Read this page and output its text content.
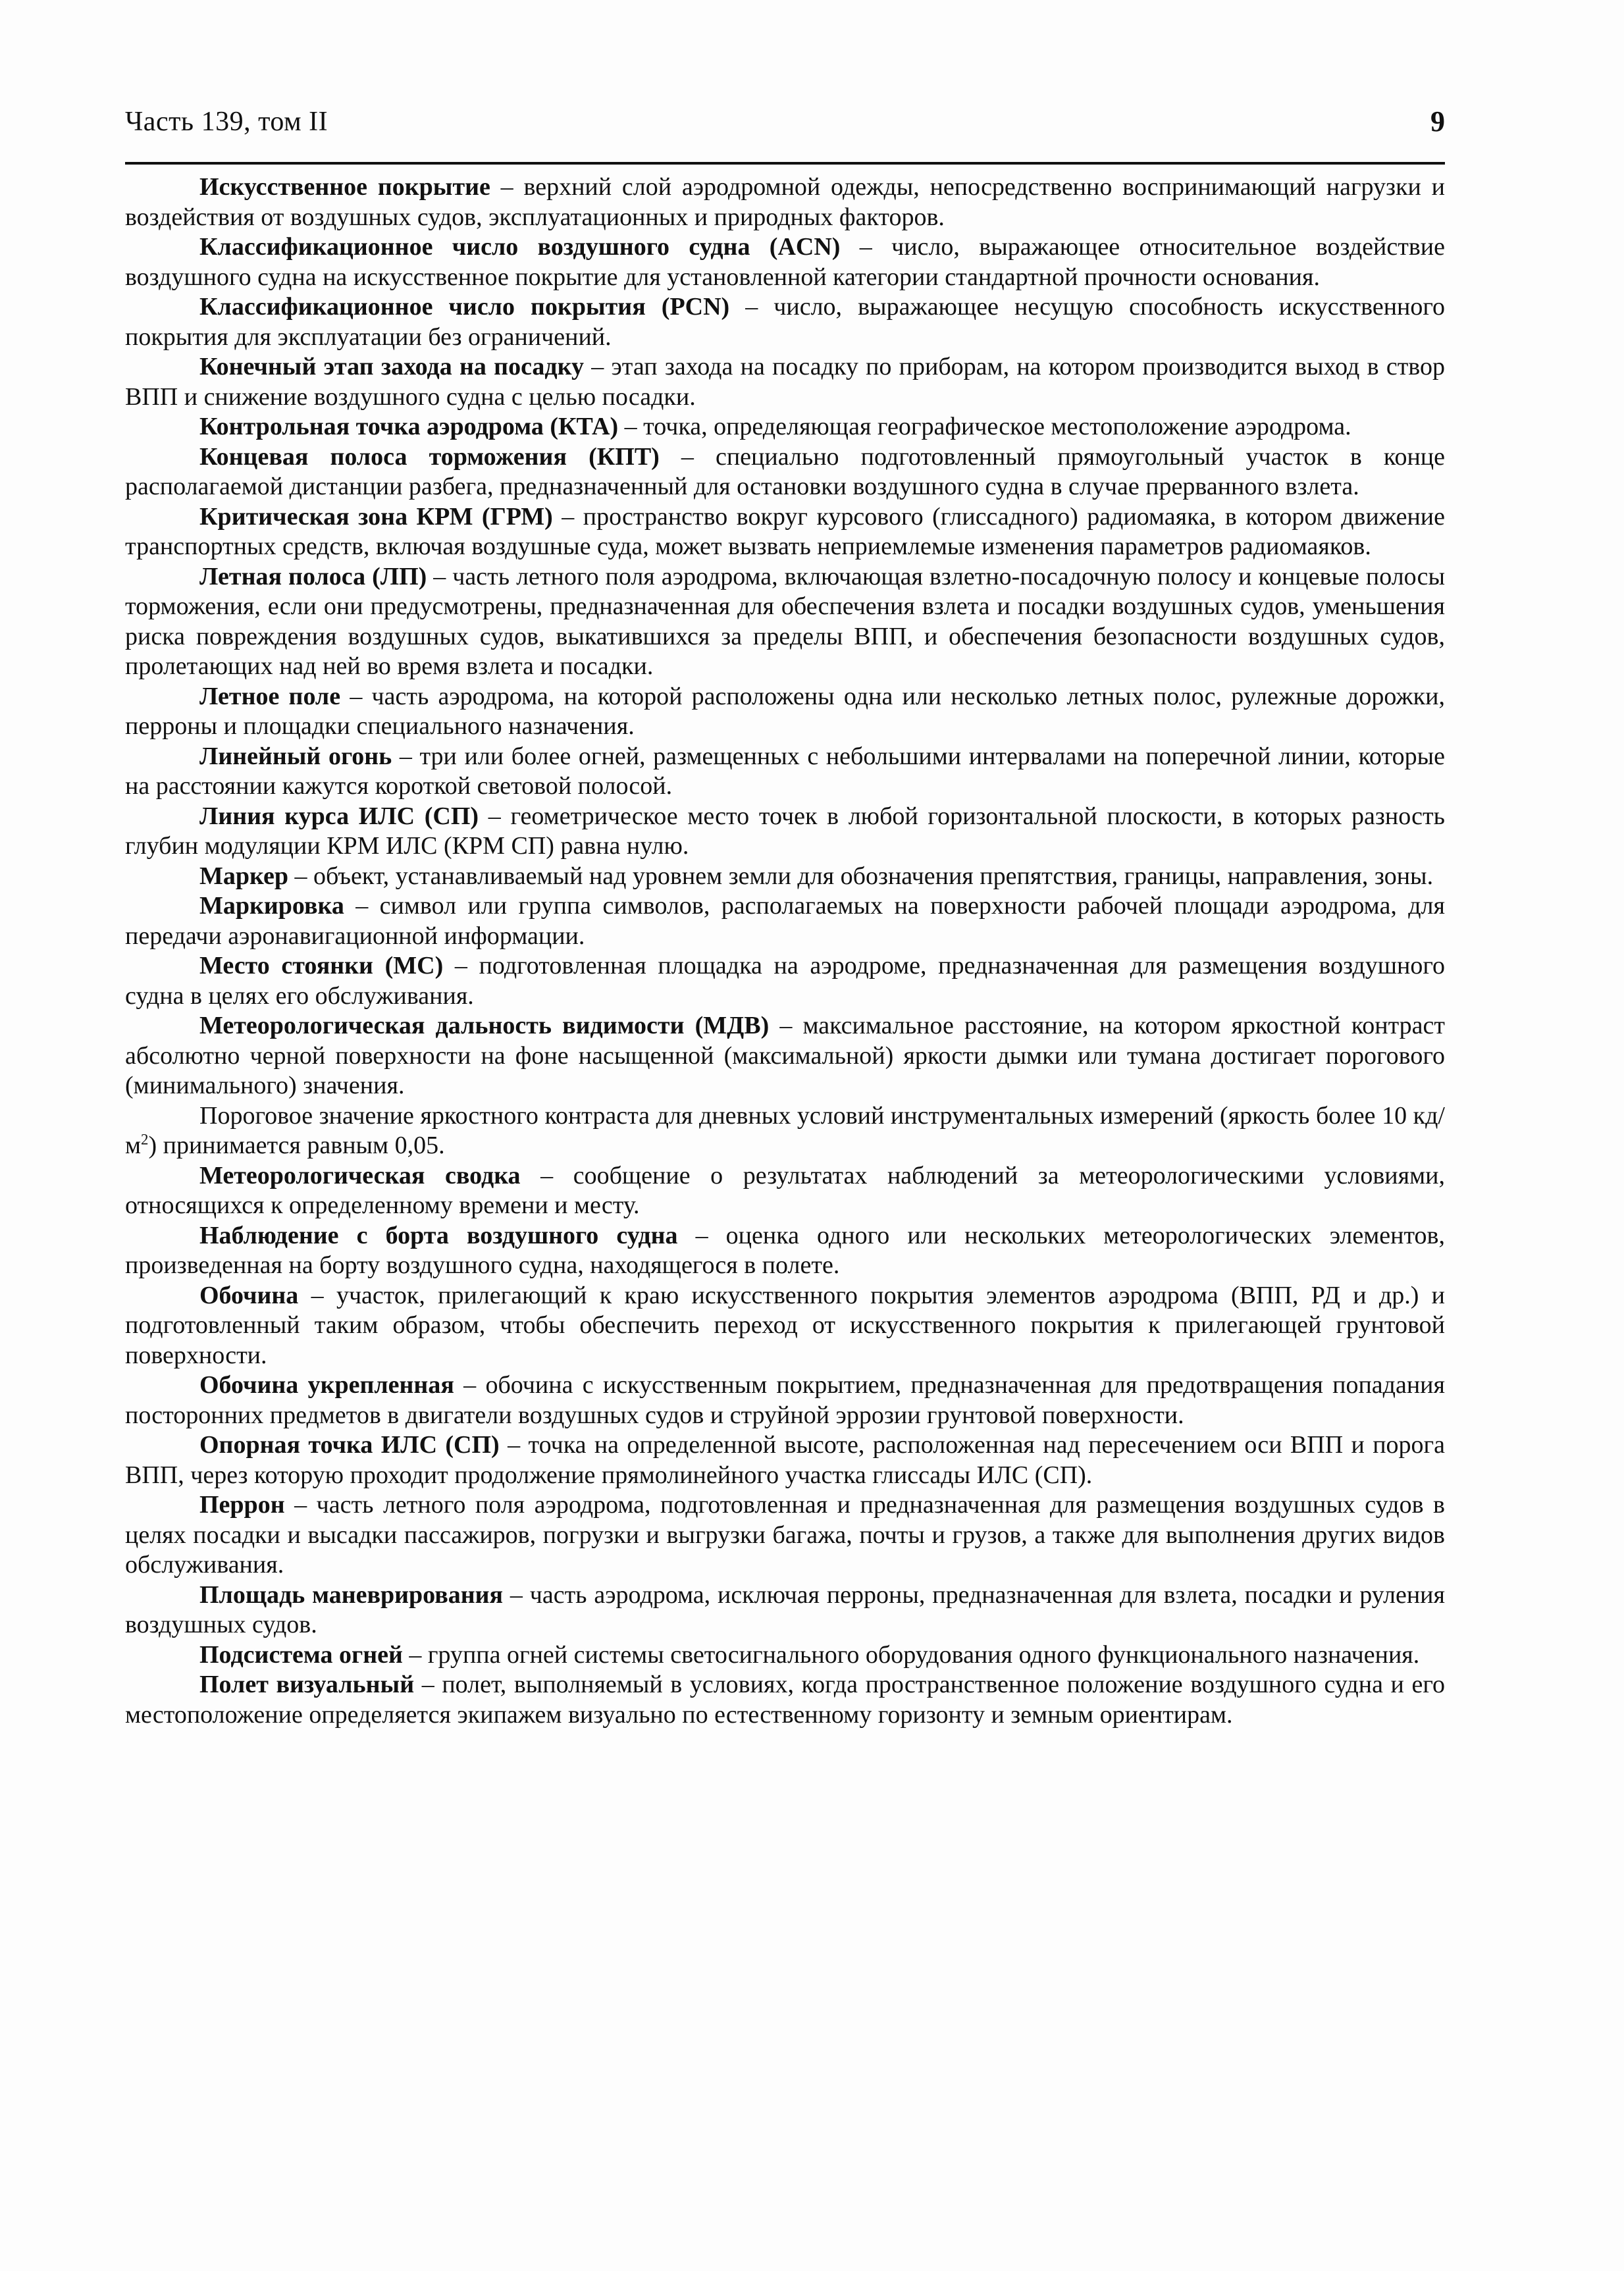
Часть 139, том II	9

Искусственное покрытие – верхний слой аэродромной одежды, непосредственно воспринимающий нагрузки и воздействия от воздушных судов, эксплуатационных и природных факторов.

Классификационное число воздушного судна (ACN) – число, выражающее относительное воздействие воздушного судна на искусственное покрытие для установленной категории стандартной прочности основания.

Классификационное число покрытия (PCN) – число, выражающее несущую способность искусственного покрытия для эксплуатации без ограничений.

Конечный этап захода на посадку – этап захода на посадку по приборам, на котором производится выход в створ ВПП и снижение воздушного судна с целью посадки.

Контрольная точка аэродрома (КТА) – точка, определяющая географическое местоположение аэродрома.

Концевая полоса торможения (КПТ) – специально подготовленный прямоугольный участок в конце располагаемой дистанции разбега, предназначенный для остановки воздушного судна в случае прерванного взлета.

Критическая зона КРМ (ГРМ) – пространство вокруг курсового (глиссадного) радиомаяка, в котором движение транспортных средств, включая воздушные суда, может вызвать неприемлемые изменения параметров радиомаяков.

Летная полоса (ЛП) – часть летного поля аэродрома, включающая взлетно-посадочную полосу и концевые полосы торможения, если они предусмотрены, предназначенная для обеспечения взлета и посадки воздушных судов, уменьшения риска повреждения воздушных судов, выкатившихся за пределы ВПП, и обеспечения безопасности воздушных судов, пролетающих над ней во время взлета и посадки.

Летное поле – часть аэродрома, на которой расположены одна или несколько летных полос, рулежные дорожки, перроны и площадки специального назначения.

Линейный огонь – три или более огней, размещенных с небольшими интервалами на поперечной линии, которые на расстоянии кажутся короткой световой полосой.

Линия курса ИЛС (СП) – геометрическое место точек в любой горизонтальной плоскости, в которых разность глубин модуляции КРМ ИЛС (КРМ СП) равна нулю.

Маркер – объект, устанавливаемый над уровнем земли для обозначения препятствия, границы, направления, зоны.

Маркировка – символ или группа символов, располагаемых на поверхности рабочей площади аэродрома, для передачи аэронавигационной информации.

Место стоянки (МС) – подготовленная площадка на аэродроме, предназначенная для размещения воздушного судна в целях его обслуживания.

Метеорологическая дальность видимости (МДВ) – максимальное расстояние, на котором яркостной контраст абсолютно черной поверхности на фоне насыщенной (максимальной) яркости дымки или тумана достигает порогового (минимального) значения.

Пороговое значение яркостного контраста для дневных условий инструментальных измерений (яркость более 10 $кд/м^2$) принимается равным 0,05.

Метеорологическая сводка – сообщение о результатах наблюдений за метеорологическими условиями, относящихся к определенному времени и месту.

Наблюдение с борта воздушного судна – оценка одного или нескольких метеорологических элементов, произведенная на борту воздушного судна, находящегося в полете.

Обочина – участок, прилегающий к краю искусственного покрытия элементов аэродрома (ВПП, РД и др.) и подготовленный таким образом, чтобы обеспечить переход от искусственного покрытия к прилегающей грунтовой поверхности.

Обочина укрепленная – обочина с искусственным покрытием, предназначенная для предотвращения попадания посторонних предметов в двигатели воздушных судов и струйной эррозии грунтовой поверхности.

Опорная точка ИЛС (СП) – точка на определенной высоте, расположенная над пересечением оси ВПП и порога ВПП, через которую проходит продолжение прямолинейного участка глиссады ИЛС (СП).

Перрон – часть летного поля аэродрома, подготовленная и предназначенная для размещения воздушных судов в целях посадки и высадки пассажиров, погрузки и выгрузки багажа, почты и грузов, а также для выполнения других видов обслуживания.

Площадь маневрирования – часть аэродрома, исключая перроны, предназначенная для взлета, посадки и руления воздушных судов.

Подсистема огней – группа огней системы светосигнального оборудования одного функционального назначения.

Полет визуальный – полет, выполняемый в условиях, когда пространственное положение воздушного судна и его местоположение определяется экипажем визуально по естественному горизонту и земным ориентирам.
